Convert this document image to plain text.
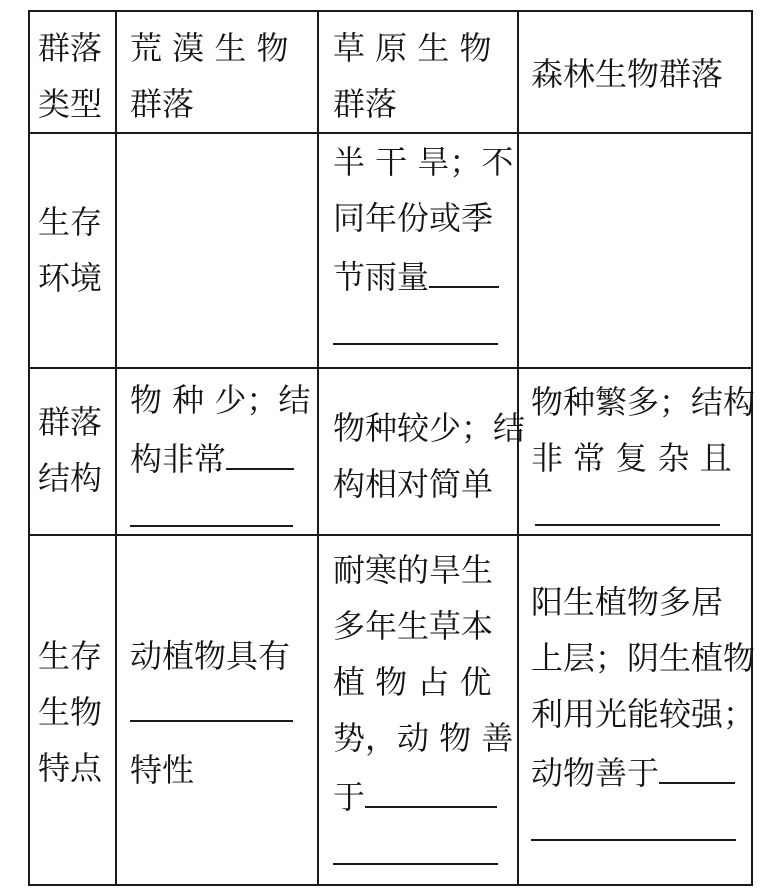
群落
类型
荒 漠 生 物
群落
草 原 生 物
群落
森林生物群落
生存
环境
半 干 旱；不
同年份或季
节雨量
群落
结构
物 种 少；结
构非常
物种较少；结
构相对简单
物种繁多；结构
非 常 复 杂 且
生存
生物
特点
动植物具有
特性
耐寒的旱生
多年生草本
植 物 占 优
势，动 物 善
于
阳生植物多居
上层；阴生植物
利用光能较强；
动物善于
